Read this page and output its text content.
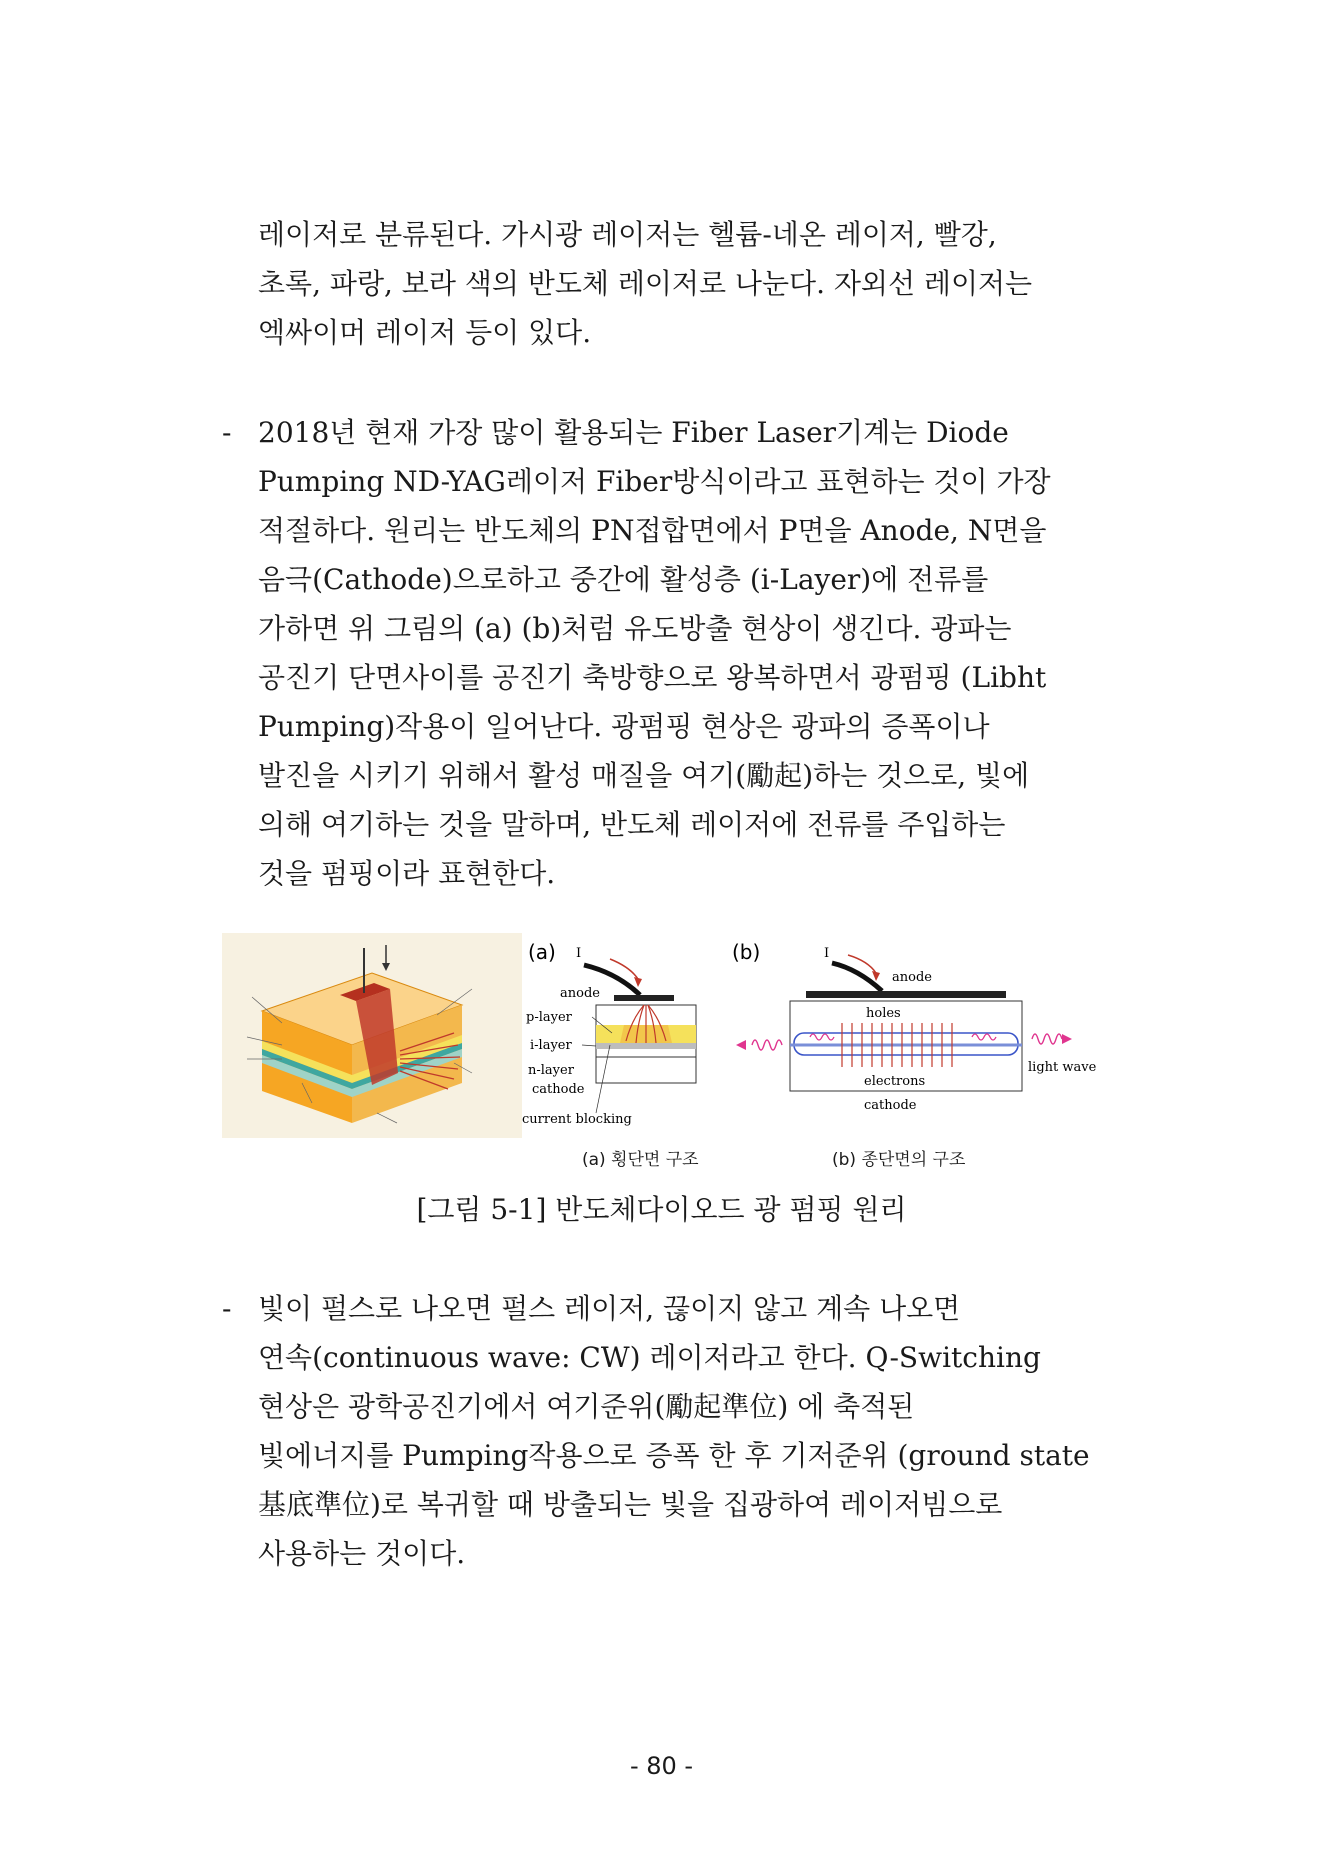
레이저로 분류된다. 가시광 레이저는 헬륨-네온 레이저, 빨강,
초록, 파랑, 보라 색의 반도체 레이저로 나눈다. 자외선 레이저는
엑싸이머 레이저 등이 있다.
- 2018년 현재 가장 많이 활용되는 Fiber Laser기계는 Diode
Pumping ND-YAG레이저 Fiber방식이라고 표현하는 것이 가장
적절하다. 원리는 반도체의 PN접합면에서 P면을 Anode, N면을
음극(Cathode)으로하고 중간에 활성층 (i-Layer)에 전류를
가하면 위 그림의 (a) (b)처럼 유도방출 현상이 생긴다. 광파는
공진기 단면사이를 공진기 축방향으로 왕복하면서 광펌핑 (Libht
Pumping)작용이 일어난다. 광펌핑 현상은 광파의 증폭이나
발진을 시키기 위해서 활성 매질을 여기(勵起)하는 것으로, 빛에
의해 여기하는 것을 말하며, 반도체 레이저에 전류를 주입하는
것을 펌핑이라 표현한다.
(a) I
anode
p-layer
i-layer
n-layer
cathode
current blocking
(b)	I
anode
holes
electrons
cathode
light wave
(a) 횡단면 구조	(b) 종단면의 구조
[그림 5-1] 반도체다이오드 광 펌핑 원리
- 빛이 펄스로 나오면 펄스 레이저, 끊이지 않고 계속 나오면
연속(continuous wave: CW) 레이저라고 한다. Q-Switching
현상은 광학공진기에서 여기준위(勵起準位) 에 축적된
빛에너지를 Pumping작용으로 증폭 한 후 기저준위 (ground state
基底準位)로 복귀할 때 방출되는 빛을 집광하여 레이저빔으로
사용하는 것이다.
- 80 -
